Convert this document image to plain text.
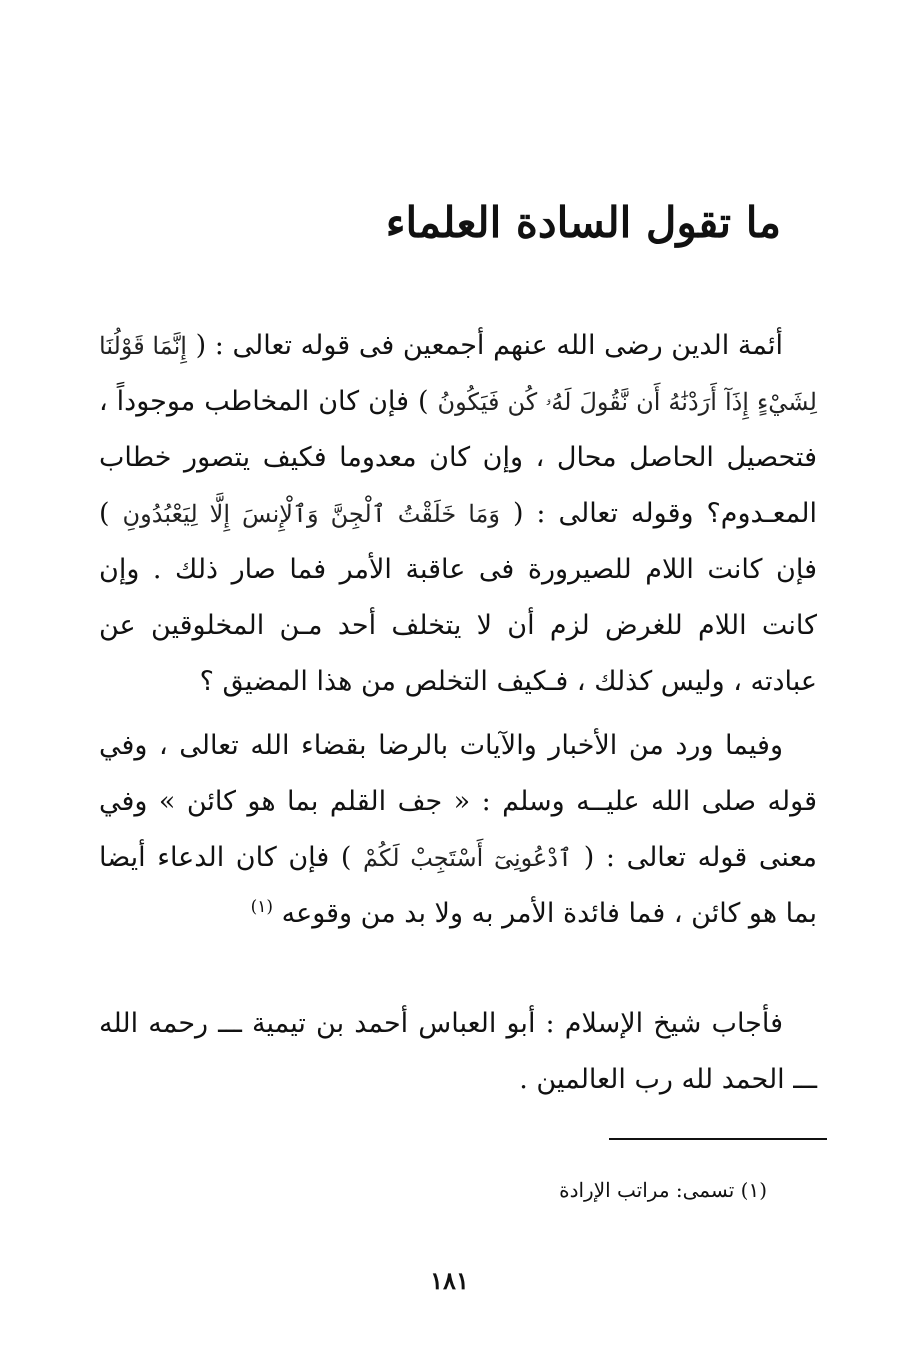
ما تقول السادة العلماء

أئمة الدين رضى الله عنهم أجمعين فى قوله تعالى : ( إِنَّمَا قَوْلُنَا لِشَيْءٍ إِذَآ أَرَدْنَٰهُ أَن نَّقُولَ لَهُۥ كُن فَيَكُونُ ) فإن كان المخاطب موجوداً ، فتحصيل الحاصل محال ، وإن كان معدوما فكيف يتصور خطاب المعـدوم؟ وقوله تعالى : ( وَمَا خَلَقْتُ ٱلْجِنَّ وَٱلْإِنسَ إِلَّا لِيَعْبُدُونِ ) فإن كانت اللام للصيرورة فى عاقبة الأمر فما صار ذلك . وإن كانت اللام للغرض لزم أن لا يتخلف أحد مـن المخلوقين عن عبادته ، وليس كذلك ، فـكيف التخلص من هذا المضيق ؟

وفيما ورد من الأخبار والآيات بالرضا بقضاء الله تعالى ، وفي قوله صلى الله عليــه وسلم : « جف القلم بما هو كائن » وفي معنى قوله تعالى : ( ٱدْعُونِىٓ أَسْتَجِبْ لَكُمْ ) فإن كان الدعاء أيضا بما هو كائن ، فما فائدة الأمر به ولا بد من وقوعه $^{(١)}$

فأجاب شيخ الإسلام : أبو العباس أحمد بن تيمية ـــ رحمه الله ـــ الحمد لله رب العالمين .

(١) تسمى: مراتب الإرادة

١٨١
